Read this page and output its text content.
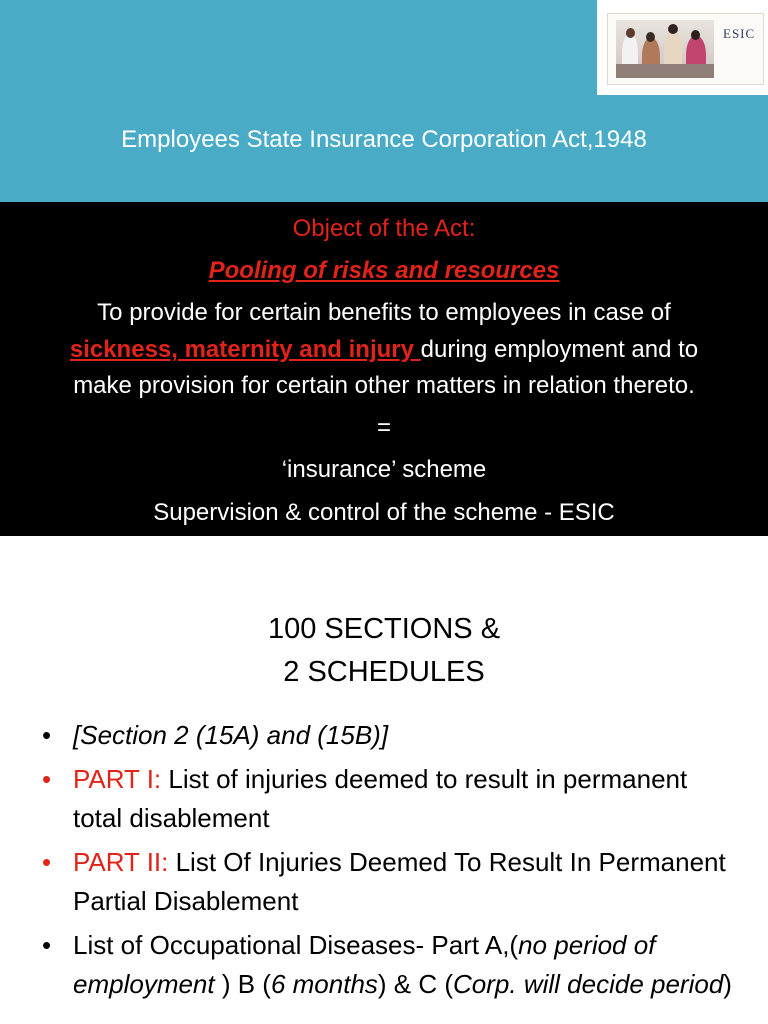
Employees State Insurance Corporation Act,1948
ESIC
Object of the Act:
Pooling of risks and resources
To provide for certain benefits to employees in case of
sickness, maternity and injury during employment and to
make provision for certain other matters in relation thereto.
=
‘insurance’ scheme
Supervision & control of the scheme - ESIC
100 SECTIONS &
2 SCHEDULES
• [Section 2 (15A) and (15B)]
• PART I: List of injuries deemed to result in permanent total disablement
• PART II: List Of Injuries Deemed To Result In Permanent Partial Disablement
• List of Occupational Diseases- Part A,(no period of employment ) B (6 months) & C (Corp. will decide period)
